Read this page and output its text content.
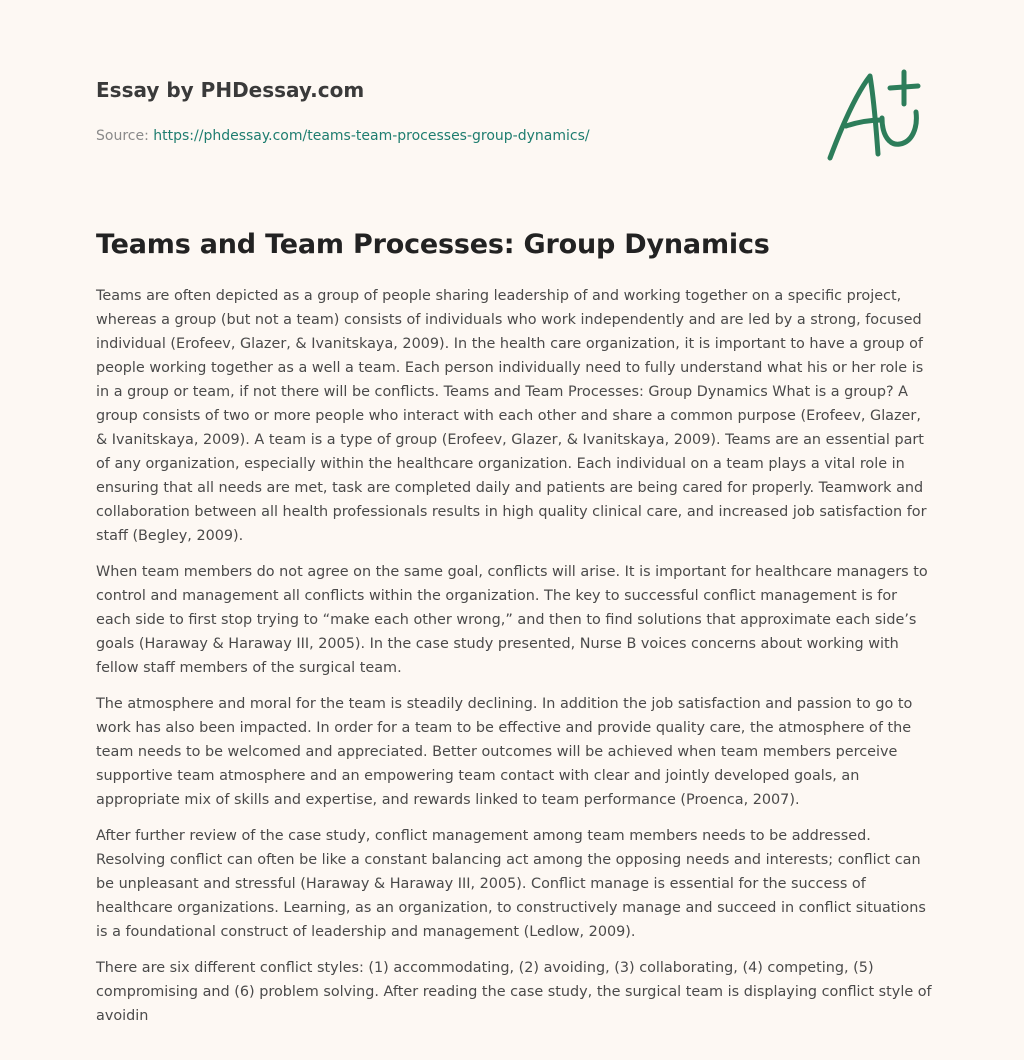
Essay by PHDessay.com
Source: https://phdessay.com/teams-team-processes-group-dynamics/
Teams and Team Processes: Group Dynamics

Teams are often depicted as a group of people sharing leadership of and working together on a specific project, whereas a group (but not a team) consists of individuals who work independently and are led by a strong, focused individual (Erofeev, Glazer, & Ivanitskaya, 2009). In the health care organization, it is important to have a group of people working together as a well a team. Each person individually need to fully understand what his or her role is in a group or team, if not there will be conflicts. Teams and Team Processes: Group Dynamics What is a group? A group consists of two or more people who interact with each other and share a common purpose (Erofeev, Glazer, & Ivanitskaya, 2009). A team is a type of group (Erofeev, Glazer, & Ivanitskaya, 2009). Teams are an essential part of any organization, especially within the healthcare organization. Each individual on a team plays a vital role in ensuring that all needs are met, task are completed daily and patients are being cared for properly. Teamwork and collaboration between all health professionals results in high quality clinical care, and increased job satisfaction for staff (Begley, 2009).

When team members do not agree on the same goal, conflicts will arise. It is important for healthcare managers to control and management all conflicts within the organization. The key to successful conflict management is for each side to first stop trying to “make each other wrong,” and then to find solutions that approximate each side’s goals (Haraway & Haraway III, 2005). In the case study presented, Nurse B voices concerns about working with fellow staff members of the surgical team.

The atmosphere and moral for the team is steadily declining. In addition the job satisfaction and passion to go to work has also been impacted. In order for a team to be effective and provide quality care, the atmosphere of the team needs to be welcomed and appreciated. Better outcomes will be achieved when team members perceive supportive team atmosphere and an empowering team contact with clear and jointly developed goals, an appropriate mix of skills and expertise, and rewards linked to team performance (Proenca, 2007).

After further review of the case study, conflict management among team members needs to be addressed. Resolving conflict can often be like a constant balancing act among the opposing needs and interests; conflict can be unpleasant and stressful (Haraway & Haraway III, 2005). Conflict manage is essential for the success of healthcare organizations. Learning, as an organization, to constructively manage and succeed in conflict situations is a foundational construct of leadership and management (Ledlow, 2009).

There are six different conflict styles: (1) accommodating, (2) avoiding, (3) collaborating, (4) competing, (5) compromising and (6) problem solving. After reading the case study, the surgical team is displaying conflict style of avoidin
